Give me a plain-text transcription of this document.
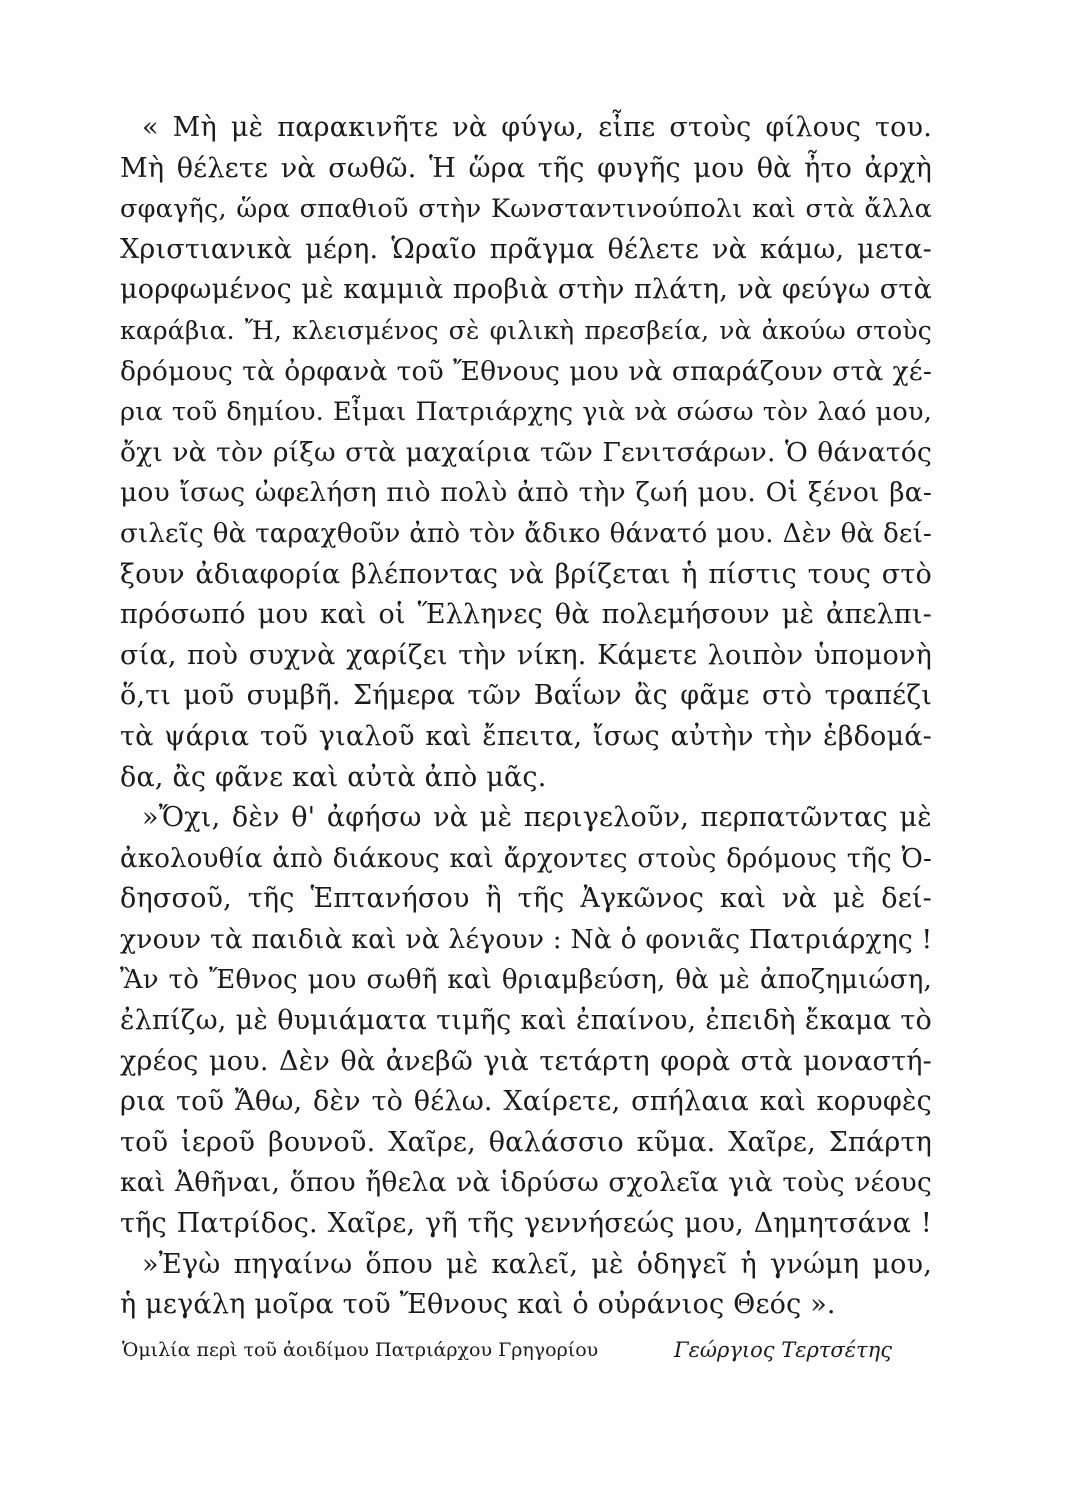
« Μὴ μὲ παρακινῆτε νὰ φύγω, εἶπε στοὺς φίλους του.
Μὴ θέλετε νὰ σωθῶ. Ἡ ὥρα τῆς φυγῆς μου θὰ ἦτο ἀρχὴ
σφαγῆς, ὥρα σπαθιοῦ στὴν Κωνσταντινούπολι καὶ στὰ ἄλλα
Χριστιανικὰ μέρη. Ὡραῖο πρᾶγμα θέλετε νὰ κάμω, μετα-
μορφωμένος μὲ καμμιὰ προβιὰ στὴν πλάτη, νὰ φεύγω στὰ
καράβια. Ἤ, κλεισμένος σὲ φιλικὴ πρεσβεία, νὰ ἀκούω στοὺς
δρόμους τὰ ὀρφανὰ τοῦ Ἔθνους μου νὰ σπαράζουν στὰ χέ-
ρια τοῦ δημίου. Εἶμαι Πατριάρχης γιὰ νὰ σώσω τὸν λαό μου,
ὄχι νὰ τὸν ρίξω στὰ μαχαίρια τῶν Γενιτσάρων. Ὁ θάνατός
μου ἴσως ὠφελήση πιὸ πολὺ ἀπὸ τὴν ζωή μου. Οἱ ξένοι βα-
σιλεῖς θὰ ταραχθοῦν ἀπὸ τὸν ἄδικο θάνατό μου. Δὲν θὰ δεί-
ξουν ἀδιαφορία βλέποντας νὰ βρίζεται ἡ πίστις τους στὸ
πρόσωπό μου καὶ οἱ Ἕλληνες θὰ πολεμήσουν μὲ ἀπελπι-
σία, ποὺ συχνὰ χαρίζει τὴν νίκη. Κάμετε λοιπὸν ὑπομονὴ
ὅ,τι μοῦ συμβῆ. Σήμερα τῶν Βαΐων ἂς φᾶμε στὸ τραπέζι
τὰ ψάρια τοῦ γιαλοῦ καὶ ἔπειτα, ἴσως αὐτὴν τὴν ἑβδομά-
δα, ἂς φᾶνε καὶ αὐτὰ ἀπὸ μᾶς.
»Ὄχι, δὲν θ' ἀφήσω νὰ μὲ περιγελοῦν, περπατῶντας μὲ
ἀκολουθία ἀπὸ διάκους καὶ ἄρχοντες στοὺς δρόμους τῆς Ὀ-
δησσοῦ, τῆς Ἑπτανήσου ἢ τῆς Ἀγκῶνος καὶ νὰ μὲ δεί-
χνουν τὰ παιδιὰ καὶ νὰ λέγουν : Νὰ ὁ φονιᾶς Πατριάρχης !
Ἂν τὸ Ἔθνος μου σωθῆ καὶ θριαμβεύση, θὰ μὲ ἀποζημιώση,
ἐλπίζω, μὲ θυμιάματα τιμῆς καὶ ἐπαίνου, ἐπειδὴ ἔκαμα τὸ
χρέος μου. Δὲν θὰ ἀνεβῶ γιὰ τετάρτη φορὰ στὰ μοναστή-
ρια τοῦ Ἄθω, δὲν τὸ θέλω. Χαίρετε, σπήλαια καὶ κορυφὲς
τοῦ ἱεροῦ βουνοῦ. Χαῖρε, θαλάσσιο κῦμα. Χαῖρε, Σπάρτη
καὶ Ἀθῆναι, ὅπου ἤθελα νὰ ἱδρύσω σχολεῖα γιὰ τοὺς νέους
τῆς Πατρίδος. Χαῖρε, γῆ τῆς γεννήσεώς μου, Δημητσάνα !
»Ἐγὼ πηγαίνω ὅπου μὲ καλεῖ, μὲ ὁδηγεῖ ἡ γνώμη μου,
ἡ μεγάλη μοῖρα τοῦ Ἔθνους καὶ ὁ οὐράνιος Θεός ».
Ὁμιλία περὶ τοῦ ἀοιδίμου Πατριάρχου Γρηγορίου	Γεώργιος Τερτσέτης
